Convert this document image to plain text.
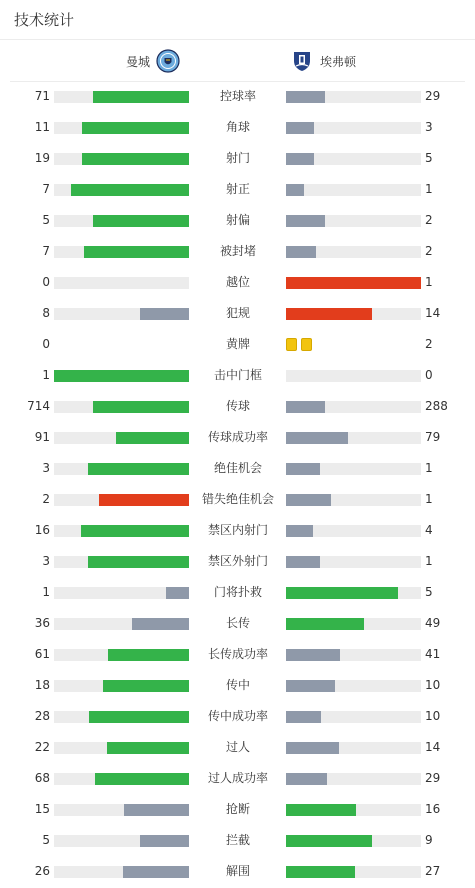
技术统计
曼城	埃弗顿
71	控球率	29
11	角球	3
19	射门	5
7	射正	1
5	射偏	2
7	被封堵	2
0	越位	1
8	犯规	14
0	黄牌	2
1	击中门框	0
714	传球	288
91	传球成功率	79
3	绝佳机会	1
2	错失绝佳机会	1
16	禁区内射门	4
3	禁区外射门	1
1	门将扑救	5
36	长传	49
61	长传成功率	41
18	传中	10
28	传中成功率	10
22	过人	14
68	过人成功率	29
15	抢断	16
5	拦截	9
26	解围	27
